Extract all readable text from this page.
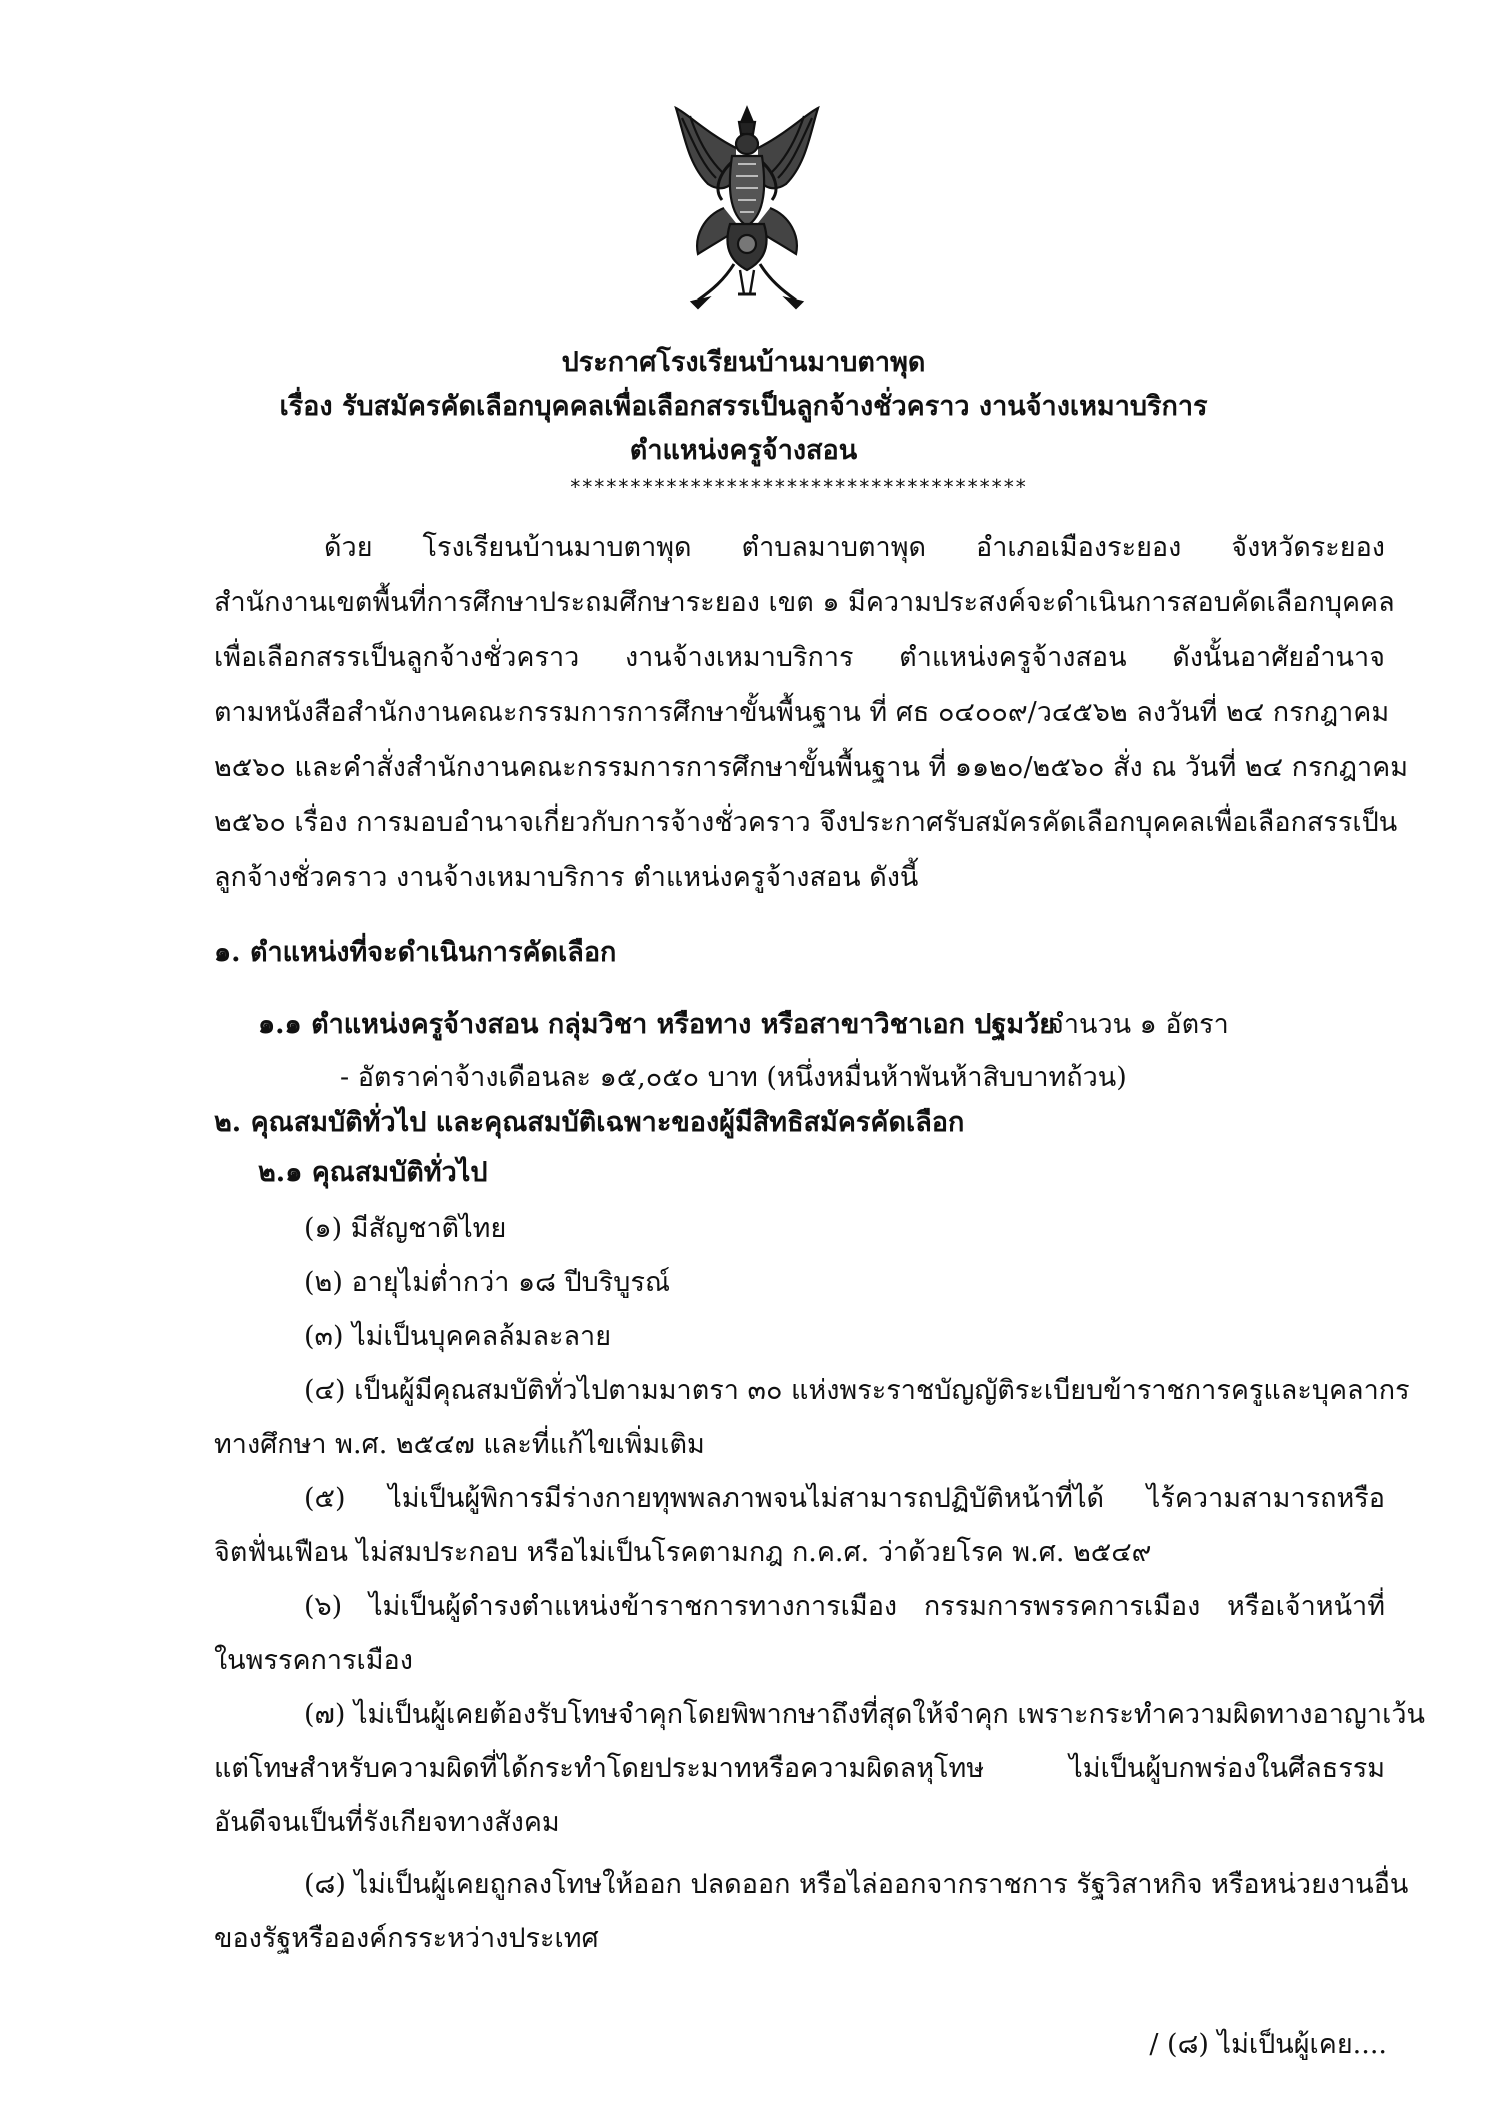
ประกาศโรงเรียนบ้านมาบตาพุด
เรื่อง รับสมัครคัดเลือกบุคคลเพื่อเลือกสรรเป็นลูกจ้างชั่วคราว งานจ้างเหมาบริการ
ตำแหน่งครูจ้างสอน
**************************************
ด้วย โรงเรียนบ้านมาบตาพุด ตำบลมาบตาพุด อำเภอเมืองระยอง จังหวัดระยอง
สำนักงานเขตพื้นที่การศึกษาประถมศึกษาระยอง เขต ๑ มีความประสงค์จะดำเนินการสอบคัดเลือกบุคคล
เพื่อเลือกสรรเป็นลูกจ้างชั่วคราว งานจ้างเหมาบริการ ตำแหน่งครูจ้างสอน ดังนั้นอาศัยอำนาจ
ตามหนังสือสำนักงานคณะกรรมการการศึกษาขั้นพื้นฐาน ที่ ศธ ๐๔๐๐๙/ว๔๕๖๒ ลงวันที่ ๒๔ กรกฎาคม
๒๕๖๐ และคำสั่งสำนักงานคณะกรรมการการศึกษาขั้นพื้นฐาน ที่ ๑๑๒๐/๒๕๖๐ สั่ง ณ วันที่ ๒๔ กรกฎาคม
๒๕๖๐ เรื่อง การมอบอำนาจเกี่ยวกับการจ้างชั่วคราว จึงประกาศรับสมัครคัดเลือกบุคคลเพื่อเลือกสรรเป็น
ลูกจ้างชั่วคราว งานจ้างเหมาบริการ ตำแหน่งครูจ้างสอน ดังนี้
๑. ตำแหน่งที่จะดำเนินการคัดเลือก
๑.๑ ตำแหน่งครูจ้างสอน กลุ่มวิชา หรือทาง หรือสาขาวิชาเอก ปฐมวัย
จำนวน ๑ อัตรา
- อัตราค่าจ้างเดือนละ ๑๕,๐๕๐ บาท (หนึ่งหมื่นห้าพันห้าสิบบาทถ้วน)
๒. คุณสมบัติทั่วไป และคุณสมบัติเฉพาะของผู้มีสิทธิสมัครคัดเลือก
๒.๑ คุณสมบัติทั่วไป
(๑) มีสัญชาติไทย
(๒) อายุไม่ต่ำกว่า ๑๘ ปีบริบูรณ์
(๓) ไม่เป็นบุคคลล้มละลาย
(๔) เป็นผู้มีคุณสมบัติทั่วไปตามมาตรา ๓๐ แห่งพระราชบัญญัติระเบียบข้าราชการครูและบุคลากร
ทางศึกษา พ.ศ. ๒๕๔๗ และที่แก้ไขเพิ่มเติม
(๕) ไม่เป็นผู้พิการมีร่างกายทุพพลภาพจนไม่สามารถปฏิบัติหน้าที่ได้ ไร้ความสามารถหรือ
จิตฟั่นเฟือน ไม่สมประกอบ หรือไม่เป็นโรคตามกฎ ก.ค.ศ. ว่าด้วยโรค พ.ศ. ๒๕๔๙
(๖) ไม่เป็นผู้ดำรงตำแหน่งข้าราชการทางการเมือง กรรมการพรรคการเมือง หรือเจ้าหน้าที่
ในพรรคการเมือง
(๗) ไม่เป็นผู้เคยต้องรับโทษจำคุกโดยพิพากษาถึงที่สุดให้จำคุก เพราะกระทำความผิดทางอาญาเว้น
แต่โทษสำหรับความผิดที่ได้กระทำโดยประมาทหรือความผิดลหุโทษ ไม่เป็นผู้บกพร่องในศีลธรรม
อันดีจนเป็นที่รังเกียจทางสังคม
(๘) ไม่เป็นผู้เคยถูกลงโทษให้ออก ปลดออก หรือไล่ออกจากราชการ รัฐวิสาหกิจ หรือหน่วยงานอื่น
ของรัฐหรือองค์กรระหว่างประเทศ
/ (๘) ไม่เป็นผู้เคย....
